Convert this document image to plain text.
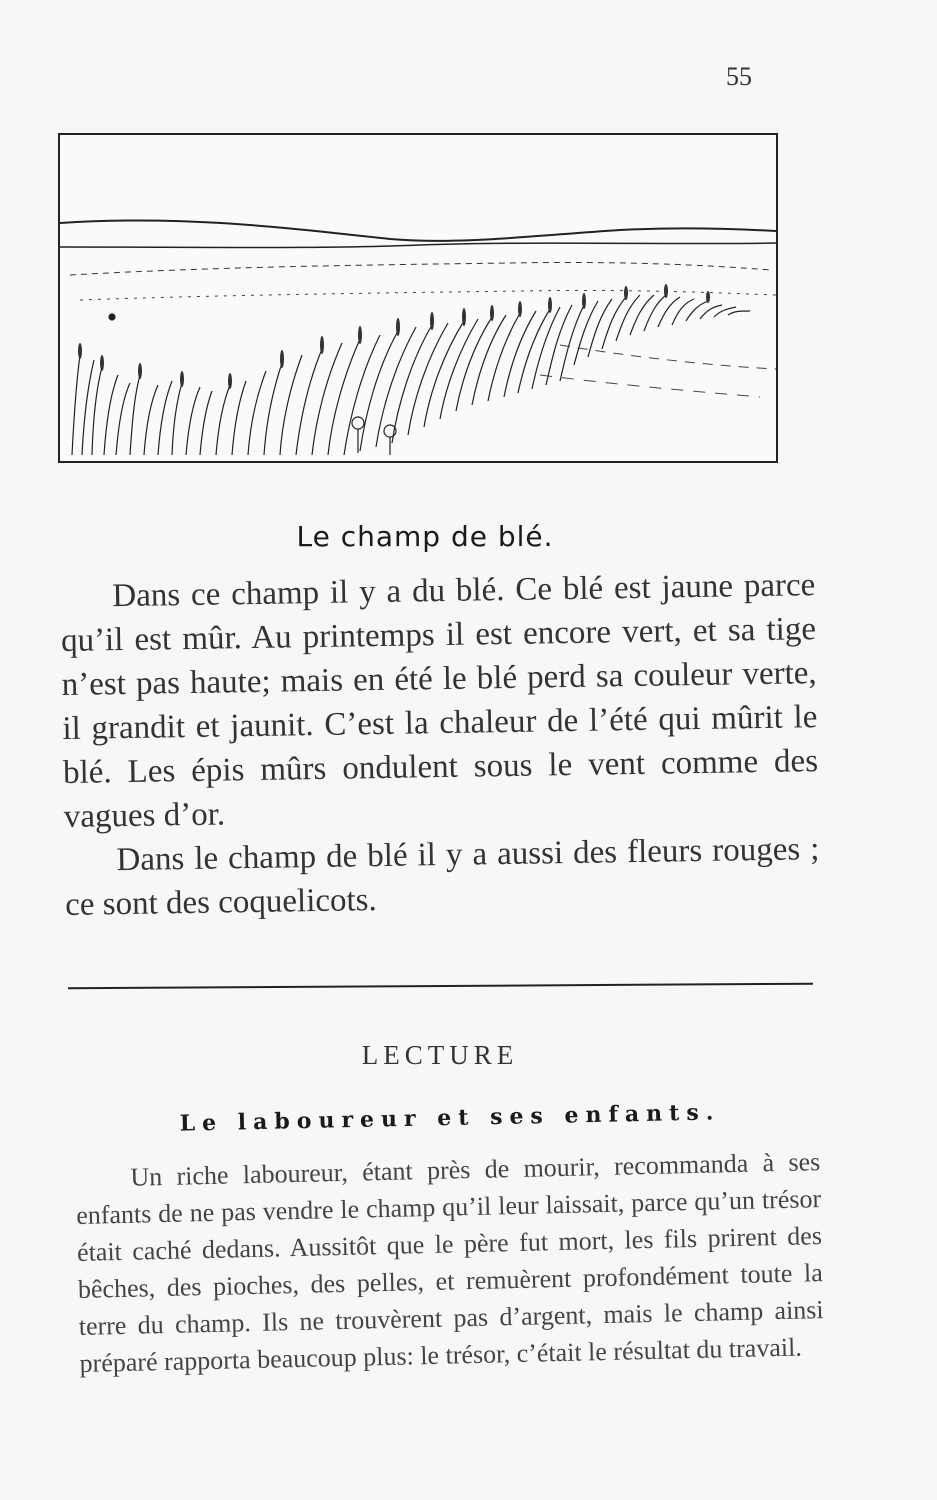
55
Le champ de blé.

Dans ce champ il y a du blé. Ce blé est jaune parce qu’il est mûr. Au printemps il est encore vert, et sa tige n’est pas haute; mais en été le blé perd sa couleur verte, il grandit et jaunit. C’est la chaleur de l’été qui mûrit le blé. Les épis mûrs ondulent sous le vent comme des vagues d’or.

Dans le champ de blé il y a aussi des fleurs rouges ; ce sont des coquelicots.

LECTURE
Le laboureur et ses enfants.

Un riche laboureur, étant près de mourir, recommanda à ses enfants de ne pas vendre le champ qu’il leur laissait, parce qu’un trésor était caché dedans. Aussitôt que le père fut mort, les fils prirent des bêches, des pioches, des pelles, et remuèrent profondément toute la terre du champ. Ils ne trouvèrent pas d’argent, mais le champ ainsi préparé rapporta beaucoup plus: le trésor, c’était le résultat du travail.
